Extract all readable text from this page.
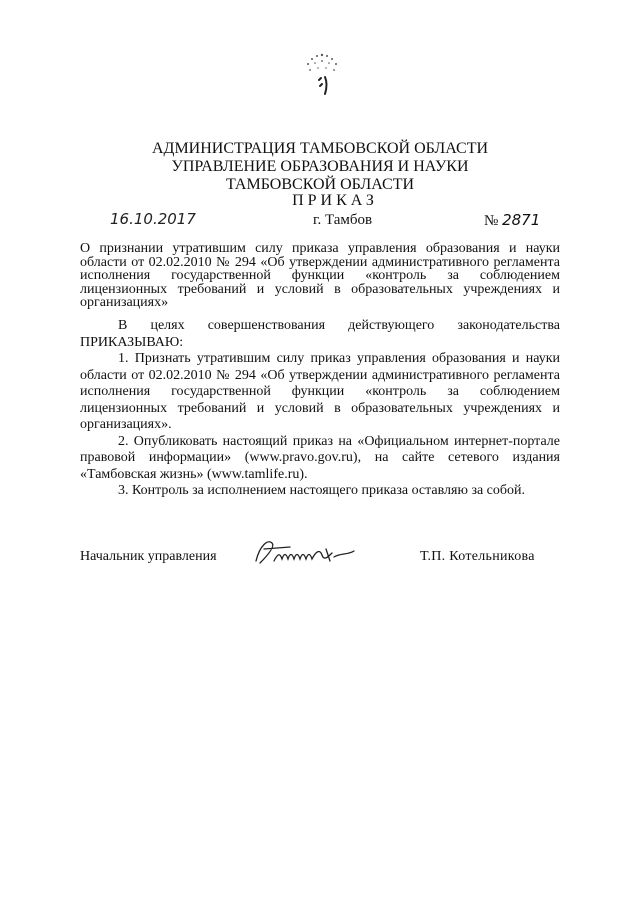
АДМИНИСТРАЦИЯ ТАМБОВСКОЙ ОБЛАСТИ
УПРАВЛЕНИЕ ОБРАЗОВАНИЯ И НАУКИ
ТАМБОВСКОЙ ОБЛАСТИ
ПРИКАЗ
16.10.2017	г. Тамбов	№ 2871
О признании утратившим силу приказа управления образования и науки области от 02.02.2010 № 294 «Об утверждении административного регламента исполнения государственной функции «контроль за соблюдением лицензионных требований и условий в образовательных учреждениях и организациях»

В целях совершенствования действующего законодательства

ПРИКАЗЫВАЮ:

1. Признать утратившим силу приказ управления образования и науки области от 02.02.2010 № 294 «Об утверждении административного регламента исполнения государственной функции «контроль за соблюдением лицензионных требований и условий в образовательных учреждениях и организациях».

2. Опубликовать настоящий приказ на «Официальном интернет-портале правовой информации» (www.pravo.gov.ru), на сайте сетевого издания «Тамбовская жизнь» (www.tamlife.ru).

3. Контроль за исполнением настоящего приказа оставляю за собой.

Начальник управления	Т.П. Котельникова
